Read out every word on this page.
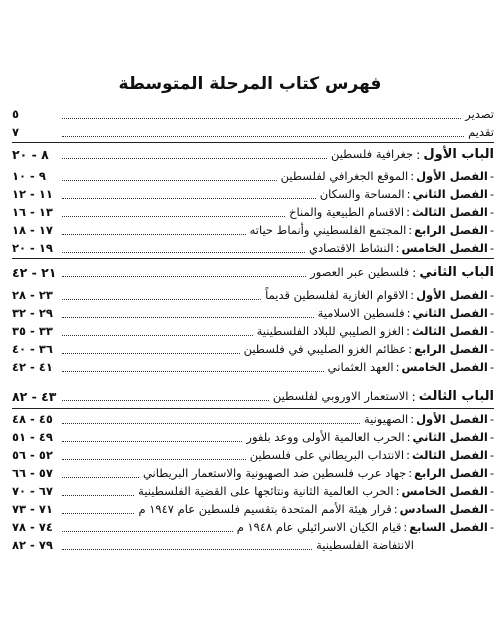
فهرس كتاب المرحلة المتوسطة
تصدير
٥
تقديم
٧
الباب الأول
:
جغرافية فلسطين
٨ - ٢٠
-
الفصل الأول
:
الموقع الجغرافي لفلسطين
٩ - ١٠
-
الفصل الثاني
:
المساحة والسكان
١١ - ١٢
-
الفصل الثالث
:
الاقسام الطبيعية والمناخ
١٣ - ١٦
-
الفصل الرابع
:
المجتمع الفلسطيني وأنماط حياته
١٧ - ١٨
-
الفصل الخامس
:
النشاط الاقتصادي
١٩ - ٢٠
الباب الثاني
:
فلسطين عبر العصور
٢١ - ٤٢
-
الفصل الأول
:
الاقوام الغازية لفلسطين قديماً
٢٣ - ٢٨
-
الفصل الثاني
:
فلسطين الاسلامية
٢٩ - ٣٢
-
الفصل الثالث
:
الغزو الصليبي للبلاد الفلسطينية
٣٣ - ٣٥
-
الفصل الرابع
:
عظائم الغزو الصليبي في فلسطين
٣٦ - ٤٠
-
الفصل الخامس
:
العهد العثماني
٤١ - ٤٢
الباب الثالث
:
الاستعمار الاوروبي لفلسطين
٤٣ - ٨٢
-
الفصل الأول
:
الصهيونية
٤٥ - ٤٨
-
الفصل الثاني
:
الحرب العالمية الأولى ووعد بلفور
٤٩ - ٥١
-
الفصل الثالث
:
الانتداب البريطاني على فلسطين
٥٢ - ٥٦
-
الفصل الرابع
:
جهاد عرب فلسطين ضد الصهيونية والاستعمار البريطاني
٥٧ - ٦٦
-
الفصل الخامس
:
الحرب العالمية الثانية ونتائجها على القضية الفلسطينية
٦٧ - ٧٠
-
الفصل السادس
:
قرار هيئة الأمم المتحدة بتقسيم فلسطين عام ١٩٤٧ م
٧١ - ٧٣
-
الفصل السابع
:
قيام الكيان الاسرائيلي عام ١٩٤٨ م
٧٤ - ٧٨
الانتفاضة الفلسطينية
٧٩ - ٨٢
